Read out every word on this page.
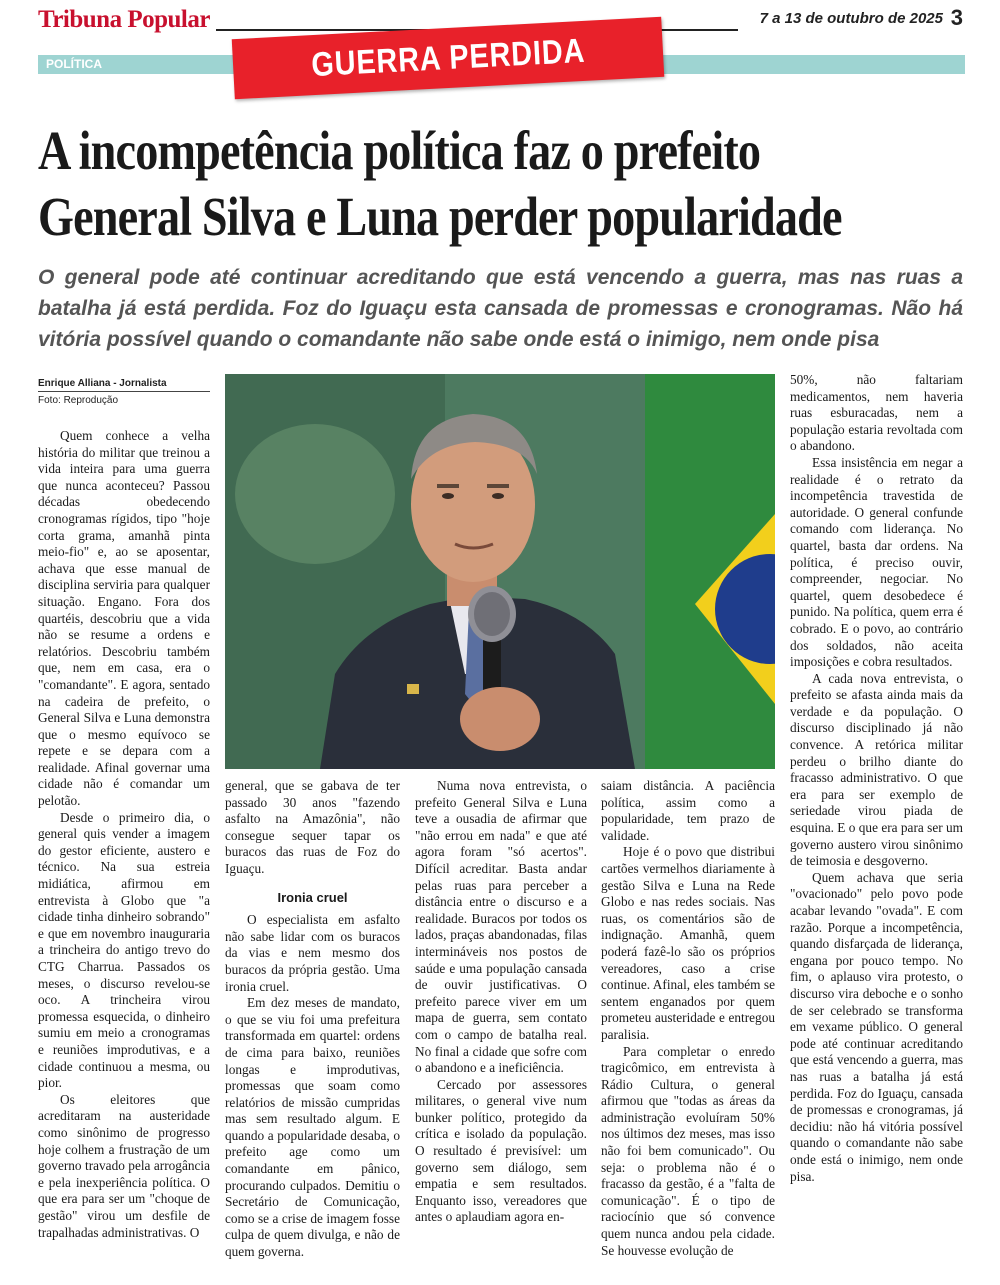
Tribuna Popular	7 a 13 de outubro de 2025 3
POLÍTICA	GUERRA PERDIDA
A incompetência política faz o prefeito
General Silva e Luna perder popularidade
O general pode até continuar acreditando que está vencendo a guerra, mas nas ruas a batalha já está perdida. Foz do Iguaçu esta cansada de promessas e cronogramas. Não há vitória possível quando o comandante não sabe onde está o inimigo, nem onde pisa
Enrique Alliana - Jornalista
Foto: Reprodução

Quem conhece a velha história do militar que treinou a vida inteira para uma guerra que nunca aconteceu? Passou décadas obedecendo cronogramas rígidos, tipo "hoje corta grama, amanhã pinta meio-fio" e, ao se aposentar, achava que esse manual de disciplina serviria para qualquer situação. Engano. Fora dos quartéis, descobriu que a vida não se resume a ordens e relatórios. Descobriu também que, nem em casa, era o "comandante". E agora, sentado na cadeira de prefeito, o General Silva e Luna demonstra que o mesmo equívoco se repete e se depara com a realidade. Afinal governar uma cidade não é comandar um pelotão.

Desde o primeiro dia, o general quis vender a imagem do gestor eficiente, austero e técnico. Na sua estreia midiática, afirmou em entrevista à Globo que "a cidade tinha dinheiro sobrando" e que em novembro inauguraria a trincheira do antigo trevo do CTG Charrua. Passados os meses, o discurso revelou-se oco. A trincheira virou promessa esquecida, o dinheiro sumiu em meio a cronogramas e reuniões improdutivas, e a cidade continuou a mesma, ou pior.

Os eleitores que acreditaram na austeridade como sinônimo de progresso hoje colhem a frustração de um governo travado pela arrogância e pela inexperiência política. O que era para ser um "choque de gestão" virou um desfile de trapalhadas administrativas. O

general, que se gabava de ter passado 30 anos "fazendo asfalto na Amazônia", não consegue sequer tapar os buracos das ruas de Foz do Iguaçu.

Ironia cruel

O especialista em asfalto não sabe lidar com os buracos da vias e nem mesmo dos buracos da própria gestão. Uma ironia cruel.

Em dez meses de mandato, o que se viu foi uma prefeitura transformada em quartel: ordens de cima para baixo, reuniões longas e improdutivas, promessas que soam como relatórios de missão cumpridas mas sem resultado algum. E quando a popularidade desaba, o prefeito age como um comandante em pânico, procurando culpados. Demitiu o Secretário de Comunicação, como se a crise de imagem fosse culpa de quem divulga, e não de quem governa.

Numa nova entrevista, o prefeito General Silva e Luna teve a ousadia de afirmar que "não errou em nada" e que até agora foram "só acertos". Difícil acreditar. Basta andar pelas ruas para perceber a distância entre o discurso e a realidade. Buracos por todos os lados, praças abandonadas, filas intermináveis nos postos de saúde e uma população cansada de ouvir justificativas. O prefeito parece viver em um mapa de guerra, sem contato com o campo de batalha real. No final a cidade que sofre com o abandono e a ineficiência.

Cercado por assessores militares, o general vive num bunker político, protegido da crítica e isolado da população. O resultado é previsível: um governo sem diálogo, sem empatia e sem resultados. Enquanto isso, vereadores que antes o aplaudiam agora en-

saiam distância. A paciência política, assim como a popularidade, tem prazo de validade.

Hoje é o povo que distribui cartões vermelhos diariamente à gestão Silva e Luna na Rede Globo e nas redes sociais. Nas ruas, os comentários são de indignação. Amanhã, quem poderá fazê-lo são os próprios vereadores, caso a crise continue. Afinal, eles também se sentem enganados por quem prometeu austeridade e entregou paralisia.

Para completar o enredo tragicômico, em entrevista à Rádio Cultura, o general afirmou que "todas as áreas da administração evoluíram 50% nos últimos dez meses, mas isso não foi bem comunicado". Ou seja: o problema não é o fracasso da gestão, é a "falta de comunicação". É o tipo de raciocínio que só convence quem nunca andou pela cidade. Se houvesse evolução de

50%, não faltariam medicamentos, nem haveria ruas esburacadas, nem a população estaria revoltada com o abandono.

Essa insistência em negar a realidade é o retrato da incompetência travestida de autoridade. O general confunde comando com liderança. No quartel, basta dar ordens. Na política, é preciso ouvir, compreender, negociar. No quartel, quem desobedece é punido. Na política, quem erra é cobrado. E o povo, ao contrário dos soldados, não aceita imposições e cobra resultados.

A cada nova entrevista, o prefeito se afasta ainda mais da verdade e da população. O discurso disciplinado já não convence. A retórica militar perdeu o brilho diante do fracasso administrativo. O que era para ser exemplo de seriedade virou piada de esquina. E o que era para ser um governo austero virou sinônimo de teimosia e desgoverno.

Quem achava que seria "ovacionado" pelo povo pode acabar levando "ovada". E com razão. Porque a incompetência, quando disfarçada de liderança, engana por pouco tempo. No fim, o aplauso vira protesto, o discurso vira deboche e o sonho de ser celebrado se transforma em vexame público. O general pode até continuar acreditando que está vencendo a guerra, mas nas ruas a batalha já está perdida. Foz do Iguaçu, cansada de promessas e cronogramas, já decidiu: não há vitória possível quando o comandante não sabe onde está o inimigo, nem onde pisa.
